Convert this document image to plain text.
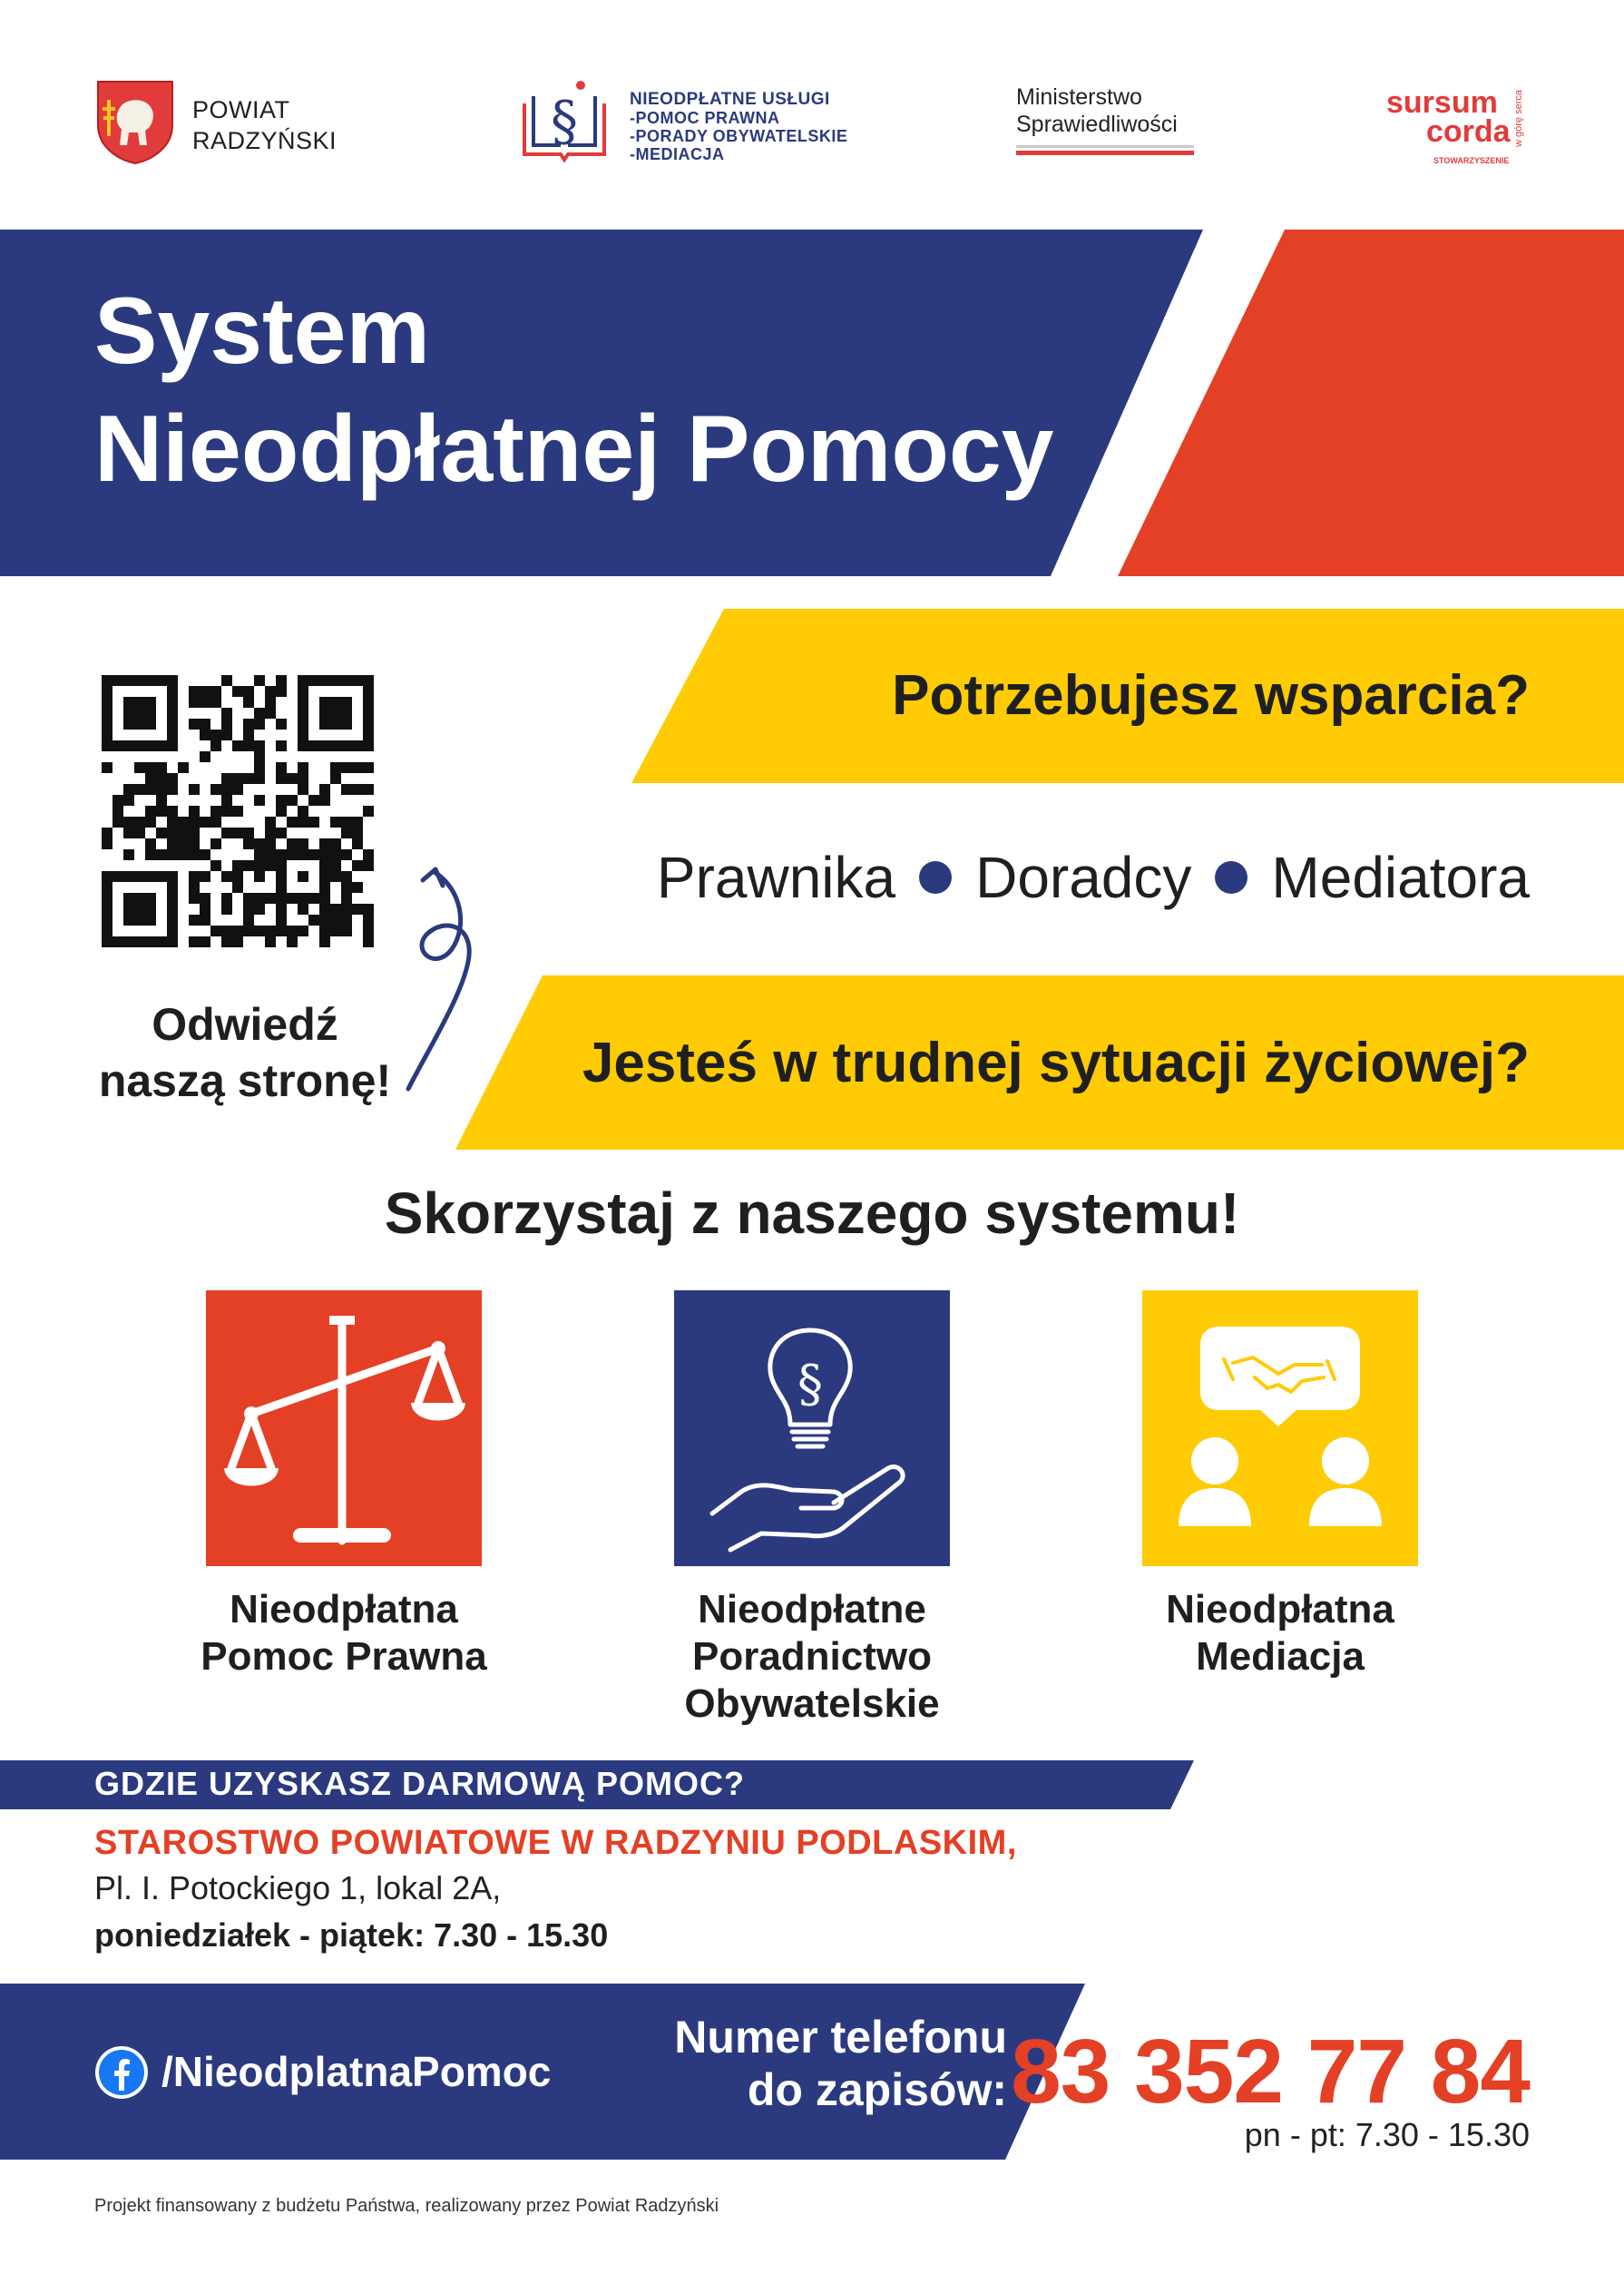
POWIAT
RADZYŃSKI	§	NIEODPŁATNE USŁUGI
-POMOC PRAWNA
-PORADY OBYWATELSKIE
-MEDIACJA
Ministerstwo
Sprawiedliwości
sursum
corda
STOWARZYSZENIE
w górę serca
System
Nieodpłatnej Pomocy
Potrzebujesz wsparcia?
Prawnika Doradcy Mediatora
Jesteś w trudnej sytuacji życiowej?
Odwiedź
naszą stronę!
Skorzystaj z naszego systemu!
§
Nieodpłatna
Pomoc Prawna
Nieodpłatne
Poradnictwo
Obywatelskie
Nieodpłatna
Mediacja
GDZIE UZYSKASZ DARMOWĄ POMOC?
STAROSTWO POWIATOWE W RADZYNIU PODLASKIM,
Pl. I. Potockiego 1, lokal 2A,
poniedziałek - piątek: 7.30 - 15.30
/NieodplatnaPomoc
Numer telefonu
do zapisów: 83 352 77 84
pn - pt: 7.30 - 15.30
Projekt finansowany z budżetu Państwa, realizowany przez Powiat Radzyński
